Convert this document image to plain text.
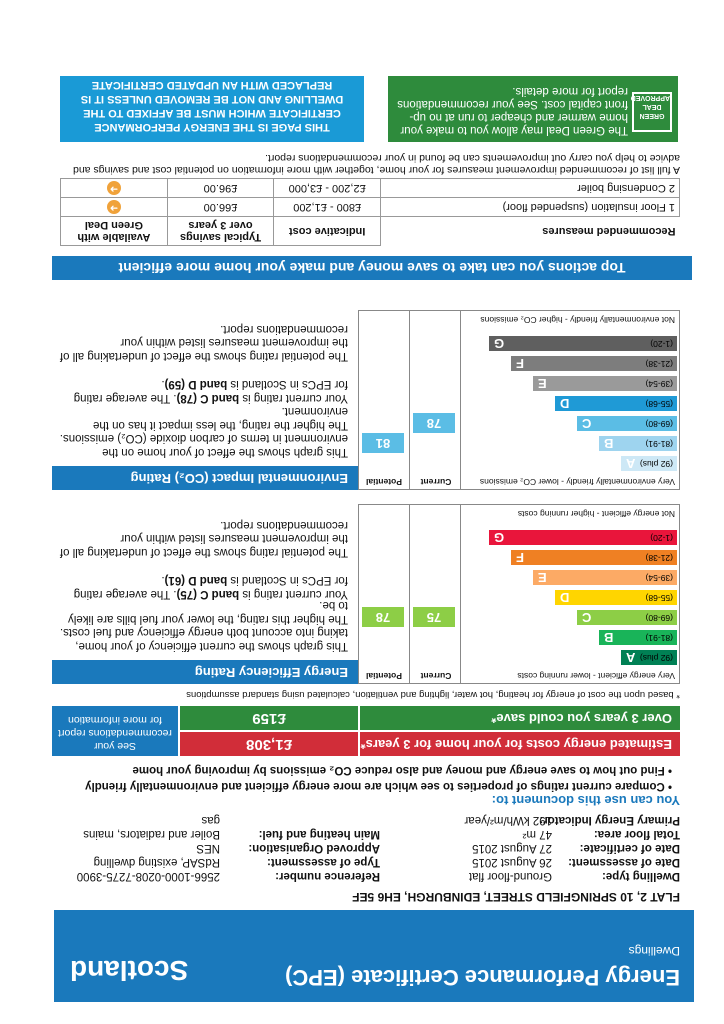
Energy Performance Certificate (EPC)
Dwellings
Scotland
FLAT 2, 10 SPRINGFIELD STREET, EDINBURGH, EH6 5EF
Dwelling type:
Ground-floor flat
Reference number:
2566-1000-0208-7275-3900
Date of assessment:
26 August 2015
Type of assessment:
RdSAP, existing dwelling
Date of certificate:
27 August 2015
Approved Organisation:
NES
Total floor area:
47 m²
Main heating and fuel:
Boiler and radiators, mains
Primary Energy Indicator:
192 kWh/m²/year
gas
You can use this document to:
• Compare current ratings of properties to see which are more energy efficient and environmentally friendly
• Find out how to save energy and money and also reduce CO₂ emissions by improving your home
Estimated energy costs for your home for 3 years*
£1,308
Over 3 years you could save*
£159
See your recommendations report for more information
* based upon the cost of energy for heating, hot water, lighting and ventilation, calculated using standard assumptions
Very energy efficient - lower running costs
Current
Potential
(92 plus)
A
(81-91)
B
(69-80)
C
(55-68)
D
(39-54)
E
(21-38)
F
(1-20)
G
Not energy efficient - higher running costs
75
78
Energy Efficiency Rating
This graph shows the current efficiency of your home, taking into account both energy efficiency and fuel costs. The higher this rating, the lower your fuel bills are likely to be.
Your current rating is band C (75). The average rating for EPCs in Scotland is band D (61).
The potential rating shows the effect of undertaking all of the improvement measures listed within your recommendations report.
Very environmentally friendly - lower CO₂ emissions
Current
Potential
(92 plus)
A
(81-91)
B
(69-80)
C
(55-68)
D
(39-54)
E
(21-38)
F
(1-20)
G
Not environmentally friendly - higher CO₂ emissions
78
81
Environmental Impact (CO₂) Rating
This graph shows the effect of your home on the environment in terms of carbon dioxide (CO₂) emissions. The higher the rating, the less impact it has on the environment.
Your current rating is band C (78). The average rating for EPCs in Scotland is band D (59).
The potential rating shows the effect of undertaking all of the improvement measures listed within your recommendations report.
Top actions you can take to save money and make your home more efficient
Recommended measures	Indicative cost	Typical savings over 3 years	Available with Green Deal
1 Floor insulation (suspended floor)	£800 - £1,200	£66.00	➜
2 Condensing boiler	£2,200 - £3,000	£96.00	➜
A full list of recommended improvement measures for your home, together with more information on potential cost and savings and advice to help you carry out improvements can be found in your recommendations report.
The Green Deal may allow you to make your home warmer and cheaper to run at no up-front capital cost. See your recommendations report for more details.
GREEN DEAL APPROVED
THIS PAGE IS THE ENERGY PERFORMANCE CERTIFICATE WHICH MUST BE AFFIXED TO THE DWELLING AND NOT BE REMOVED UNLESS IT IS REPLACED WITH AN UPDATED CERTIFICATE
